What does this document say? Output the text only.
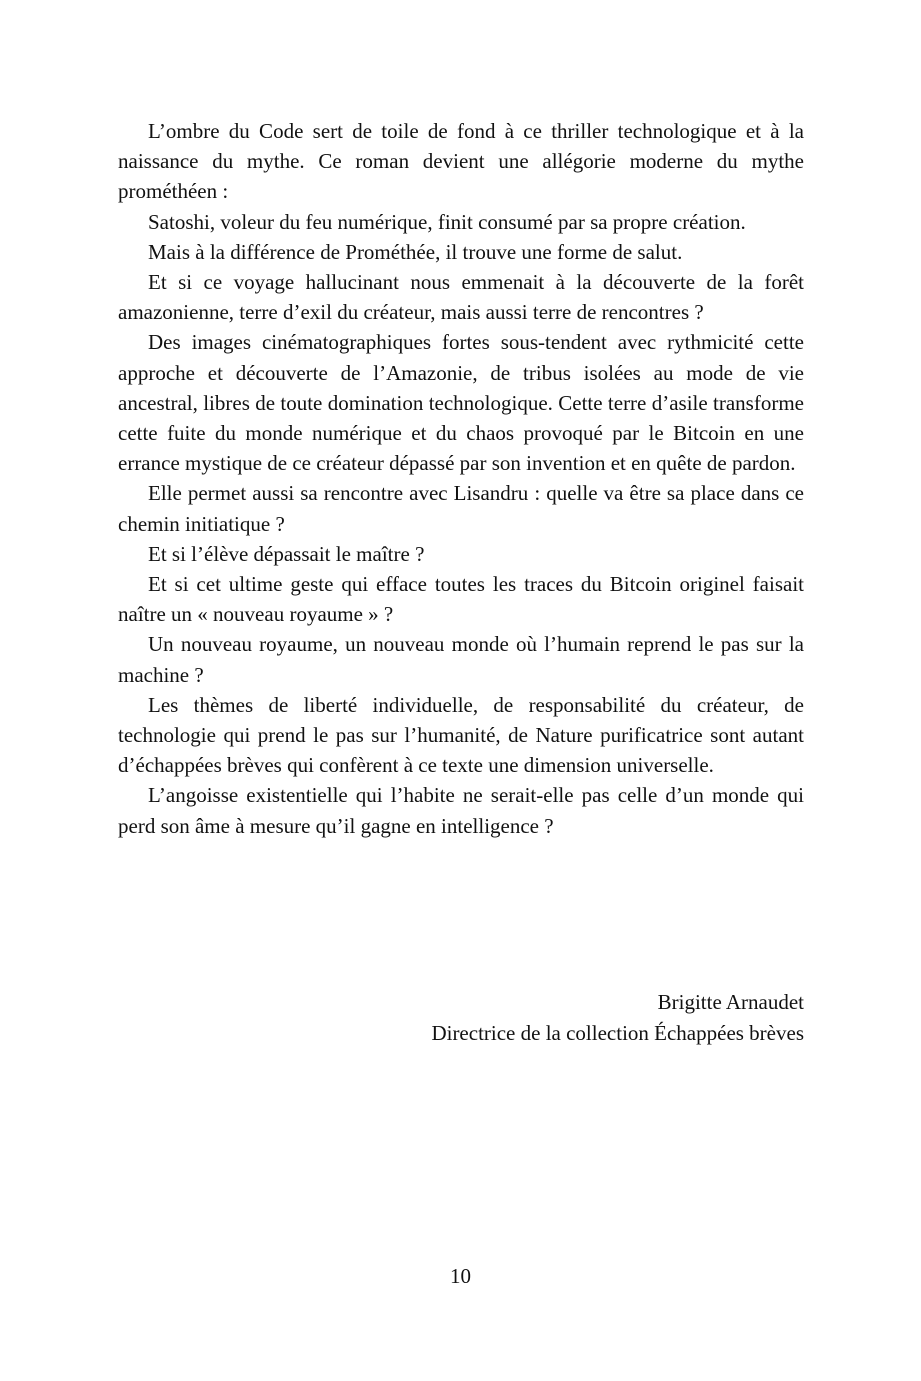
L’ombre du Code sert de toile de fond à ce thriller technologique et à la naissance du mythe. Ce roman devient une allégorie moderne du mythe prométhéen :

Satoshi, voleur du feu numérique, finit consumé par sa propre création.

Mais à la différence de Prométhée, il trouve une forme de salut.

Et si ce voyage hallucinant nous emmenait à la découverte de la forêt amazonienne, terre d’exil du créateur, mais aussi terre de rencontres ?

Des images cinématographiques fortes sous-tendent avec rythmicité cette approche et découverte de l’Amazonie, de tribus isolées au mode de vie ancestral, libres de toute domination technologique. Cette terre d’asile transforme cette fuite du monde numérique et du chaos provoqué par le Bitcoin en une errance mystique de ce créateur dépassé par son invention et en quête de pardon.

Elle permet aussi sa rencontre avec Lisandru : quelle va être sa place dans ce chemin initiatique ?

Et si l’élève dépassait le maître ?

Et si cet ultime geste qui efface toutes les traces du Bitcoin originel faisait naître un « nouveau royaume » ?

Un nouveau royaume, un nouveau monde où l’humain reprend le pas sur la machine ?

Les thèmes de liberté individuelle, de responsabilité du créateur, de technologie qui prend le pas sur l’humanité, de Nature purificatrice sont autant d’échappées brèves qui confèrent à ce texte une dimension universelle.

L’angoisse existentielle qui l’habite ne serait-elle pas celle d’un monde qui perd son âme à mesure qu’il gagne en intelligence ?

Brigitte Arnaudet
Directrice de la collection Échappées brèves
10
